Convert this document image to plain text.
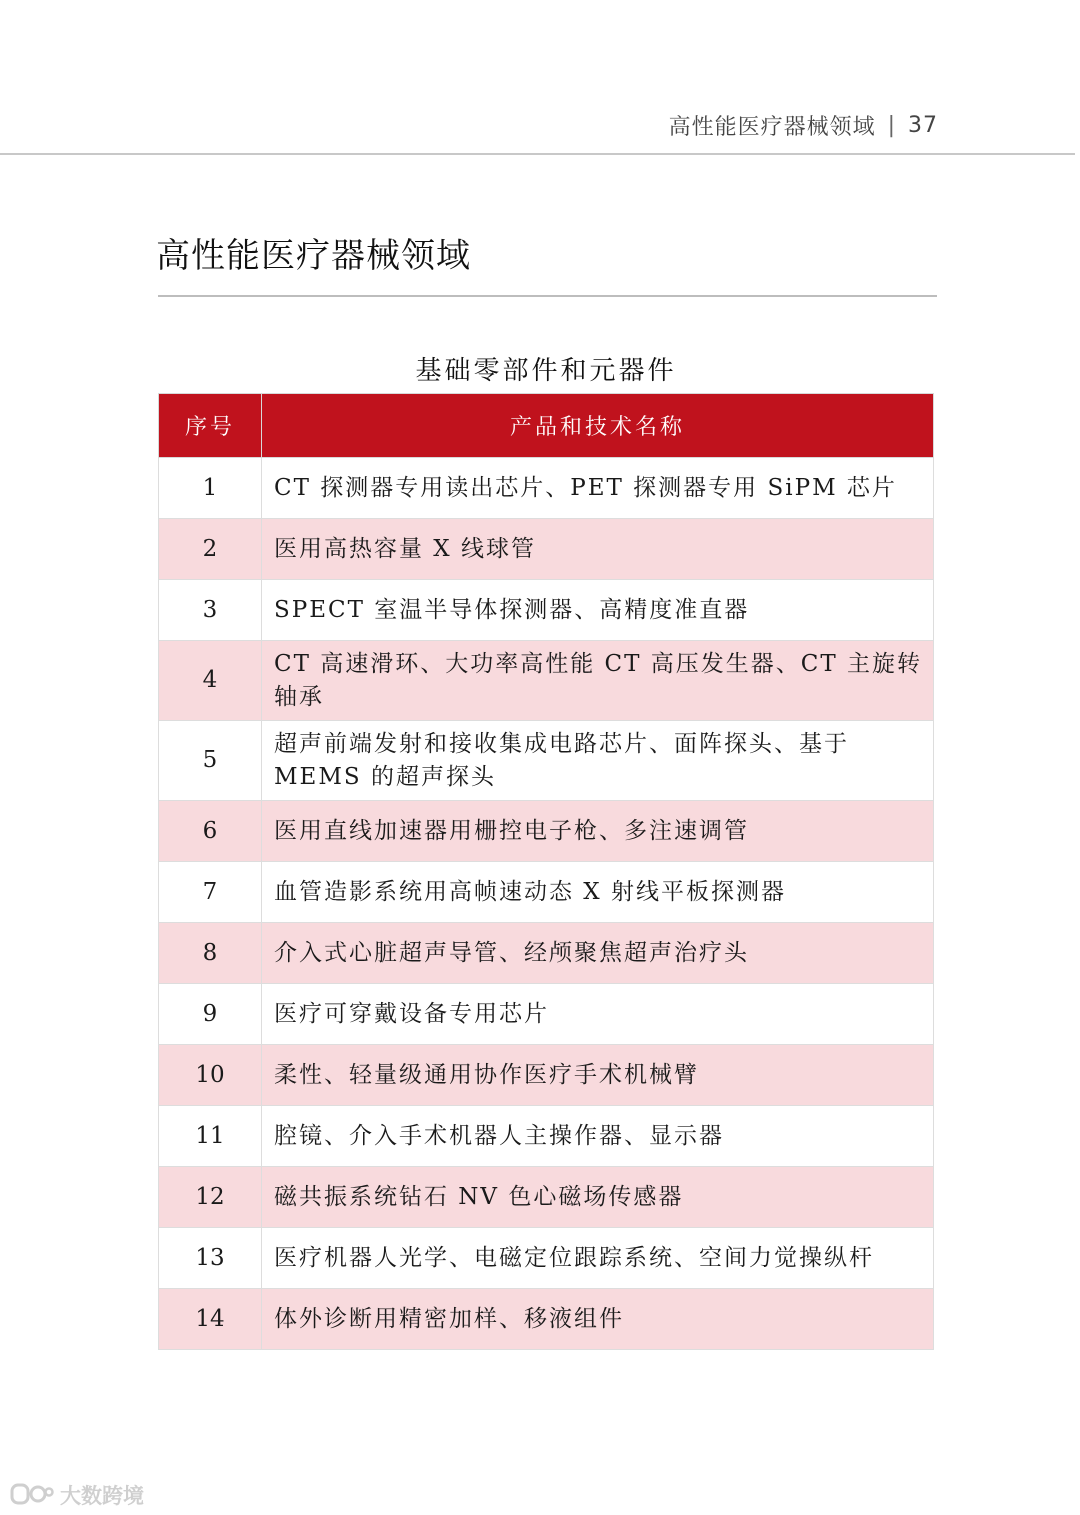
高性能医疗器械领域 | 37
高性能医疗器械领域
基础零部件和元器件
序号	产品和技术名称
1	CT 探测器专用读出芯片、PET 探测器专用 SiPM 芯片
2	医用高热容量 X 线球管
3	SPECT 室温半导体探测器、高精度准直器
4	CT 高速滑环、大功率高性能 CT 高压发生器、CT 主旋转轴承
5	超声前端发射和接收集成电路芯片、面阵探头、基于 MEMS 的超声探头
6	医用直线加速器用栅控电子枪、多注速调管
7	血管造影系统用高帧速动态 X 射线平板探测器
8	介入式心脏超声导管、经颅聚焦超声治疗头
9	医疗可穿戴设备专用芯片
10	柔性、轻量级通用协作医疗手术机械臂
11	腔镜、介入手术机器人主操作器、显示器
12	磁共振系统钻石 NV 色心磁场传感器
13	医疗机器人光学、电磁定位跟踪系统、空间力觉操纵杆
14	体外诊断用精密加样、移液组件
大数跨境
